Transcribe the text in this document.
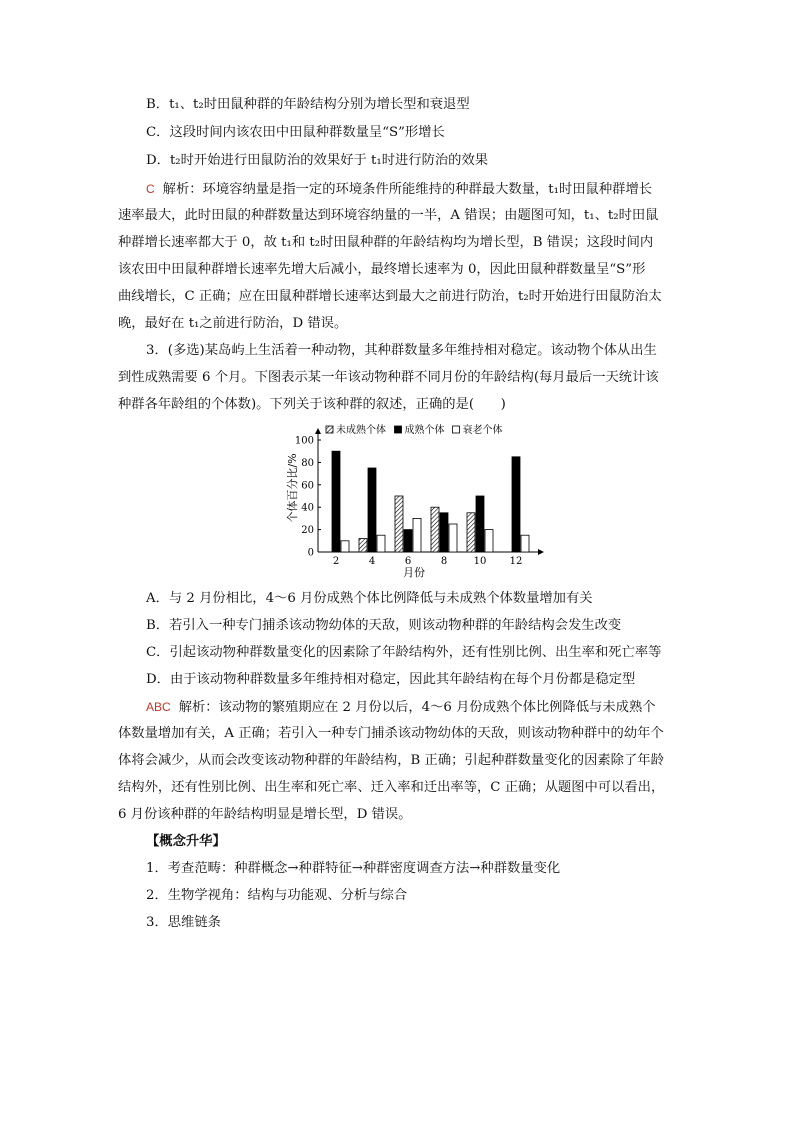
B．t₁、t₂时田鼠种群的年龄结构分别为增长型和衰退型
C．这段时间内该农田中田鼠种群数量呈“S”形增长
D．t₂时开始进行田鼠防治的效果好于 t₁时进行防治的效果
C 解析：环境容纳量是指一定的环境条件所能维持的种群最大数量，t₁时田鼠种群增长
速率最大，此时田鼠的种群数量达到环境容纳量的一半，A 错误；由题图可知，t₁、t₂时田鼠
种群增长速率都大于 0，故 t₁和 t₂时田鼠种群的年龄结构均为增长型，B 错误；这段时间内
该农田中田鼠种群增长速率先增大后减小，最终增长速率为 0，因此田鼠种群数量呈“S”形
曲线增长，C 正确；应在田鼠种群增长速率达到最大之前进行防治，t₂时开始进行田鼠防治太
晚，最好在 t₁之前进行防治，D 错误。
3．(多选)某岛屿上生活着一种动物，其种群数量多年维持相对稳定。该动物个体从出生
到性成熟需要 6 个月。下图表示某一年该动物种群不同月份的年龄结构(每月最后一天统计该
种群各年龄组的个体数)。下列关于该种群的叙述，正确的是(　　)
0
20
40
60
80
100
2	4	6	8	10 12
未成熟个体 成熟个体 衰老个体
个体百分比/%
月份
A．与 2 月份相比，4～6 月份成熟个体比例降低与未成熟个体数量增加有关
B．若引入一种专门捕杀该动物幼体的天敌，则该动物种群的年龄结构会发生改变
C．引起该动物种群数量变化的因素除了年龄结构外，还有性别比例、出生率和死亡率等
D．由于该动物种群数量多年维持相对稳定，因此其年龄结构在每个月份都是稳定型
ABC 解析：该动物的繁殖期应在 2 月份以后，4～6 月份成熟个体比例降低与未成熟个
体数量增加有关，A 正确；若引入一种专门捕杀该动物幼体的天敌，则该动物种群中的幼年个
体将会减少，从而会改变该动物种群的年龄结构，B 正确；引起种群数量变化的因素除了年龄
结构外，还有性别比例、出生率和死亡率、迁入率和迁出率等，C 正确；从题图中可以看出，
6 月份该种群的年龄结构明显是增长型，D 错误。
【概念升华】
1．考查范畴：种群概念→种群特征→种群密度调查方法→种群数量变化
2．生物学视角：结构与功能观、分析与综合
3．思维链条
